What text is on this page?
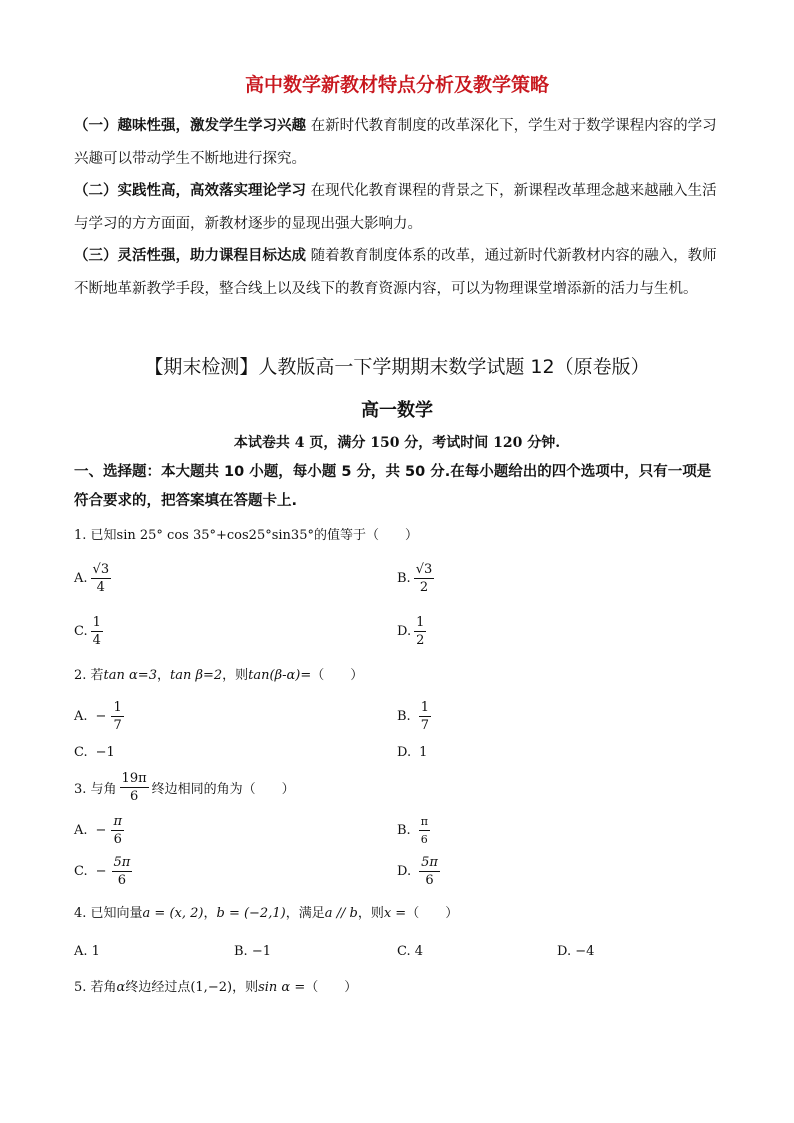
高中数学新教材特点分析及教学策略
（一）趣味性强，激发学生学习兴趣 在新时代教育制度的改革深化下，学生对于数学课程内容的学习兴趣可以带动学生不断地进行探究。
（二）实践性高，高效落实理论学习 在现代化教育课程的背景之下，新课程改革理念越来越融入生活与学习的方方面面，新教材逐步的显现出强大影响力。
（三）灵活性强，助力课程目标达成 随着教育制度体系的改革，通过新时代新教材内容的融入，教师不断地革新教学手段，整合线上以及线下的教育资源内容，可以为物理课堂增添新的活力与生机。
【期末检测】人教版高一下学期期末数学试题 12（原卷版）
高一数学
本试卷共 4 页，满分 150 分，考试时间 120 分钟.
一、选择题：本大题共 10 小题，每小题 5 分，共 50 分.在每小题给出的四个选项中，只有一项是符合要求的，把答案填在答题卡上.
1. 已知sin 25° cos 35°+cos25°sin35°的值等于（　　）
A. $\frac{√3}{4}$	B. $\frac{√3}{2}$
C. $\frac{1}{4}$	D. $\frac{1}{2}$
2. 若tan α=3，tan β=2，则tan(β-α)=（　　）
A. − $\frac{1}{7}$	B. $\frac{1}{7}$
C. −1	D. 1
3. 与角 $\frac{19\pi}{6}$ 终边相同的角为（　　）
A. − $\frac{\pi}{6}$	B. $\frac{\pi}{6}$
C. − $\frac{5\pi}{6}$	D. $\frac{5\pi}{6}$
4. 已知向量a = (x, 2)，b = (−2,1)，满足a // b，则x =（　　）
A. 1	B. −1	C. 4	D. −4
5. 若角α终边经过点(1,−2)，则sin α =（　　）
